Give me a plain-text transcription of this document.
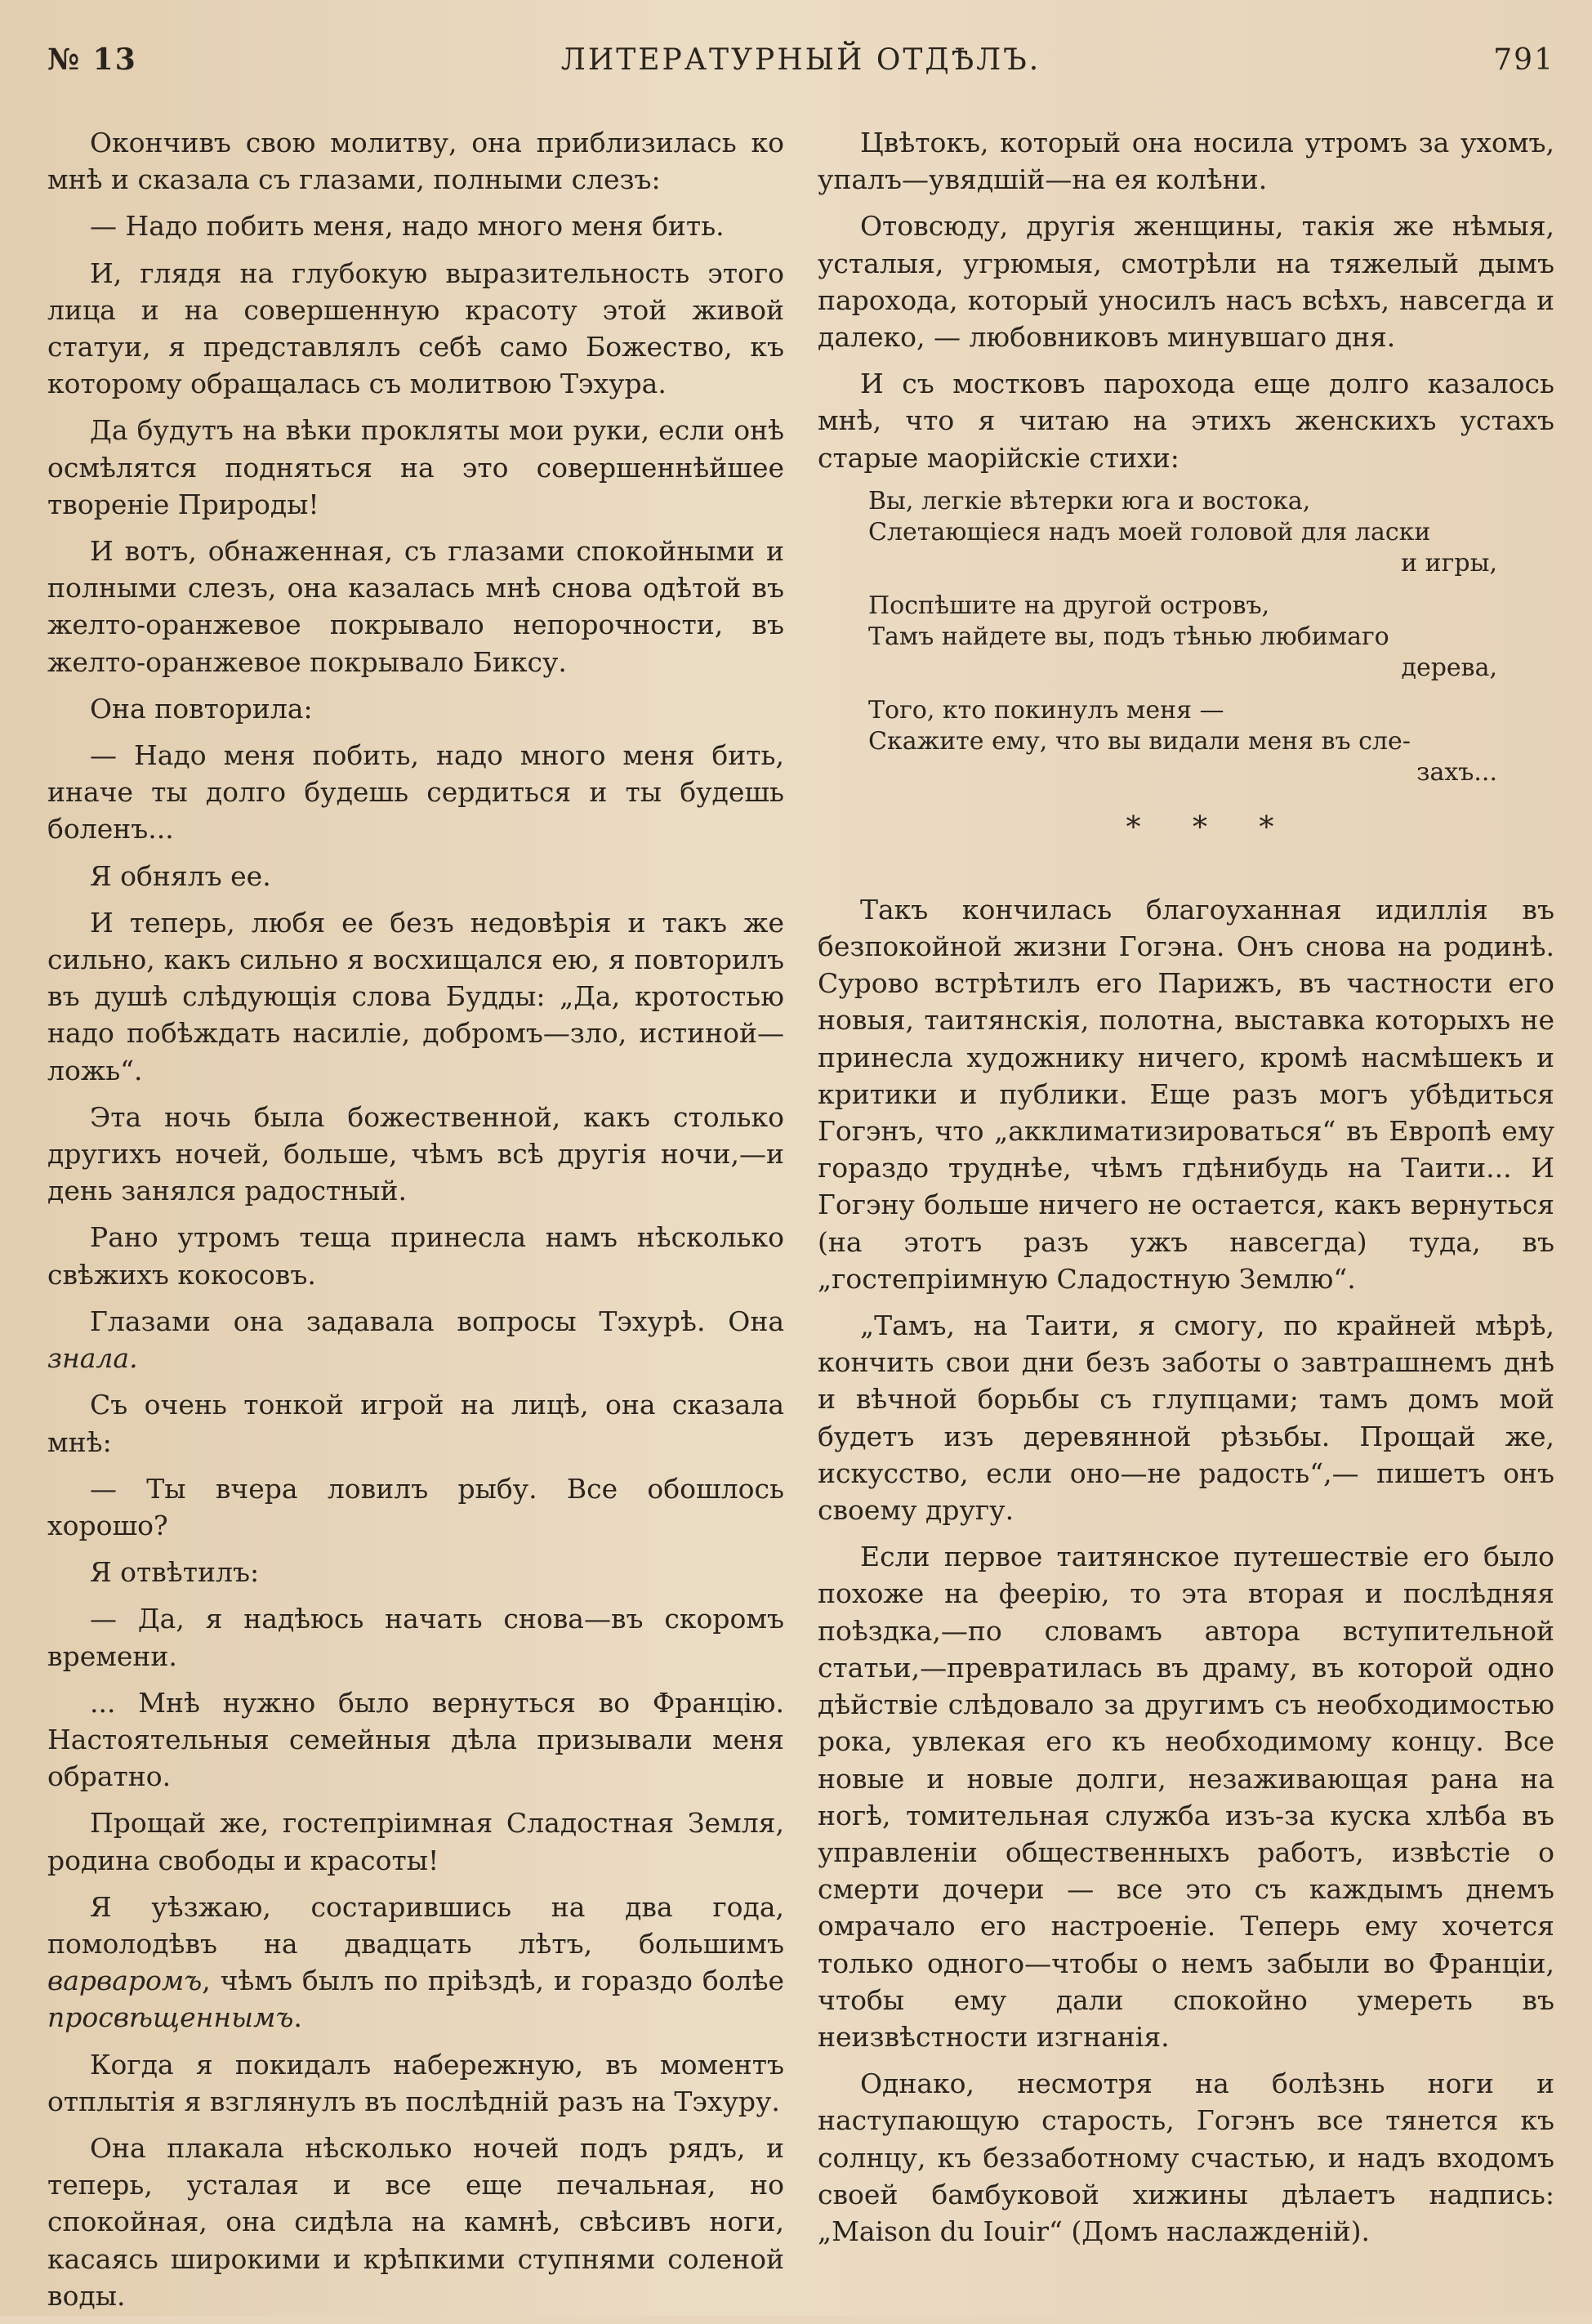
№ 13	ЛИТЕРАТУРНЫЙ ОТДѢЛЪ.	791

Окончивъ свою молитву, она приблизилась ко мнѣ и сказала съ глазами, полными слезъ:

— Надо побить меня, надо много меня бить.

И, глядя на глубокую выразительность этого лица и на совершенную красоту этой живой статуи, я представлялъ себѣ само Божество, къ которому обращалась съ молитвою Тэхура.

Да будутъ на вѣки прокляты мои руки, если онѣ осмѣлятся подняться на это совершеннѣйшее твореніе Природы!

И вотъ, обнаженная, съ глазами спокойными и полными слезъ, она казалась мнѣ снова одѣтой въ желто-оранжевое покрывало непорочности, въ желто-оранжевое покрывало Биксу.

Она повторила:

— Надо меня побить, надо много меня бить, иначе ты долго будешь сердиться и ты будешь боленъ...

Я обнялъ ее.

И теперь, любя ее безъ недовѣрія и такъ же сильно, какъ сильно я восхищался ею, я повторилъ въ душѣ слѣдующія слова Будды: „Да, кротостью надо побѣждать насиліе, добромъ—зло, истиной—ложь“.

Эта ночь была божественной, какъ столько другихъ ночей, больше, чѣмъ всѣ другія ночи,—и день занялся радостный.

Рано утромъ теща принесла намъ нѣсколько свѣжихъ кокосовъ.

Глазами она задавала вопросы Тэхурѣ. Она знала.

Съ очень тонкой игрой на лицѣ, она сказала мнѣ:

— Ты вчера ловилъ рыбу. Все обошлось хорошо?

Я отвѣтилъ:

— Да, я надѣюсь начать снова—въ скоромъ времени.

... Мнѣ нужно было вернуться во Францію. Настоятельныя семейныя дѣла призывали меня обратно.

Прощай же, гостепріимная Сладостная Земля, родина свободы и красоты!

Я уѣзжаю, состарившись на два года, помолодѣвъ на двадцать лѣтъ, большимъ варваромъ, чѣмъ былъ по пріѣздѣ, и гораздо болѣе просвѣщеннымъ.

Когда я покидалъ набережную, въ моментъ отплытія я взглянулъ въ послѣдній разъ на Тэхуру.

Она плакала нѣсколько ночей подъ рядъ, и теперь, усталая и все еще печальная, но спокойная, она сидѣла на камнѣ, свѣсивъ ноги, касаясь широкими и крѣпкими ступнями соленой воды.

Цвѣтокъ, который она носила утромъ за ухомъ, упалъ—увядшій—на ея колѣни.

Отовсюду, другія женщины, такія же нѣмыя, усталыя, угрюмыя, смотрѣли на тяжелый дымъ парохода, который уносилъ насъ всѣхъ, навсегда и далеко, — любовниковъ минувшаго дня.

И съ мостковъ парохода еще долго казалось мнѣ, что я читаю на этихъ женскихъ устахъ старые маорійскіе стихи:

Вы, легкіе вѣтерки юга и востока,
Слетающіеся надъ моей головой для ласки
и игры,
Поспѣшите на другой островъ,
Тамъ найдете вы, подъ тѣнью любимаго
дерева,
Того, кто покинулъ меня —
Скажите ему, что вы видали меня въ сле-
захъ...
* * *

Такъ кончилась благоуханная идиллія въ безпокойной жизни Гогэна. Онъ снова на родинѣ. Сурово встрѣтилъ его Парижъ, въ частности его новыя, таитянскія, полотна, выставка которыхъ не принесла художнику ничего, кромѣ насмѣшекъ и критики и публики. Еще разъ могъ убѣдиться Гогэнъ, что „акклиматизироваться“ въ Европѣ ему гораздо труднѣе, чѣмъ гдѣнибудь на Таити... И Гогэну больше ничего не остается, какъ вернуться (на этотъ разъ ужъ навсегда) туда, въ „гостепріимную Сладостную Землю“.

„Тамъ, на Таити, я смогу, по крайней мѣрѣ, кончить свои дни безъ заботы о завтрашнемъ днѣ и вѣчной борьбы съ глупцами; тамъ домъ мой будетъ изъ деревянной рѣзьбы. Прощай же, искусство, если оно—не радость“,— пишетъ онъ своему другу.

Если первое таитянское путешествіе его было похоже на феерію, то эта вторая и послѣдняя поѣздка,—по словамъ автора вступительной статьи,—превратилась въ драму, въ которой одно дѣйствіе слѣдовало за другимъ съ необходимостью рока, увлекая его къ необходимому концу. Все новые и новые долги, незаживающая рана на ногѣ, томительная служба изъ-за куска хлѣба въ управленіи общественныхъ работъ, извѣстіе о смерти дочери — все это съ каждымъ днемъ омрачало его настроеніе. Теперь ему хочется только одного—чтобы о немъ забыли во Франціи, чтобы ему дали спокойно умереть въ неизвѣстности изгнанія.

Однако, несмотря на болѣзнь ноги и наступающую старость, Гогэнъ все тянется къ солнцу, къ беззаботному счастью, и надъ входомъ своей бамбуковой хижины дѣлаетъ надпись: „Maison du Iouir“ (Домъ наслажденій).
